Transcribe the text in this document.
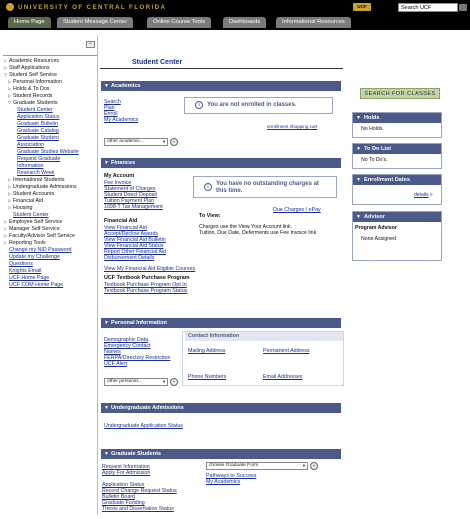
UNIVERSITY OF CENTRAL FLORIDA	UCF
Search UCF
Home Page	Student Message Center	Online Course Tools	Dashboards	Informational Resources
−
▷ Academic Resources
▷ Staff Applications
▽ Student Self Service
▷ Personal Information
▷ Holds & To Dos
▷ Student Records
▽ Graduate Students
Student Center
Application Status
Graduate Bulletin
Graduate Catalog
Graduate Student
Association
Graduate Studies Website
Request Graduate
Information
Research Week
▷ International Students
▷ Undergraduate Admissions
▷ Student Accounts
▷ Financial Aid
▷ Housing
Student Center
▷ Employee Self Service
▷ Manager Self Service
▷ Faculty/Advisor Self Service
▷ Reporting Tools
Change my NID Password
Update my Challenge
Questions
Knights Email
UCF Home Page
UCF COM Home Page
Student Center
▼ Academics
Search
Plan
Enroll
My Academics
i	You are not enrolled in classes.
enrollment shopping cart
other academic...	▼	»
▼ Finances
My Account
Fee Invoice
Statement of Charges
Student Direct Deposit
Tuition Payment Plan
1098-T Tax Management
Financial Aid
View Financial Aid
Accept/Decline Awards
View Financial Aid Bulletin
View Financial Aid Status
Report Other Financial Aid
Disbursement Details
View My Financial Aid Eligible Courses
UCF Textbook Purchase Program
Textbook Purchase Program Opt In
Textbook Purchase Program Status
i
You have no outstanding charges at this time.
Due Charges / ePay
To View:
Charges use the View Your Account link.
Tuition, Due Date, Deferments use Fee Invoice link.
▼ Personal Information
Demographic Data
Emergency Contact
Names
FERPA/Directory Restriction
UCF Alert
Contact Information
Mailing Address	Permanent Address
Phone Numbers	Email Addresses
other personal...	▼	»
▼ Undergraduate Admissions
Undergraduate Application Status
▼ Graduate Students
Request Information
Apply For Admission
Application Status
Record Change Request Status
Bulletin Board
Graduate Funding
Thesis and Dissertation Status
choose Graduate Form	▼	»
Pathways to Success
My Academics
SEARCH FOR CLASSES
▼ Holds
No Holds.
▼ To Do List
No To Do's.
▼ Enrollment Dates
details »
▼ Advisor
Program Advisor
None Assigned
